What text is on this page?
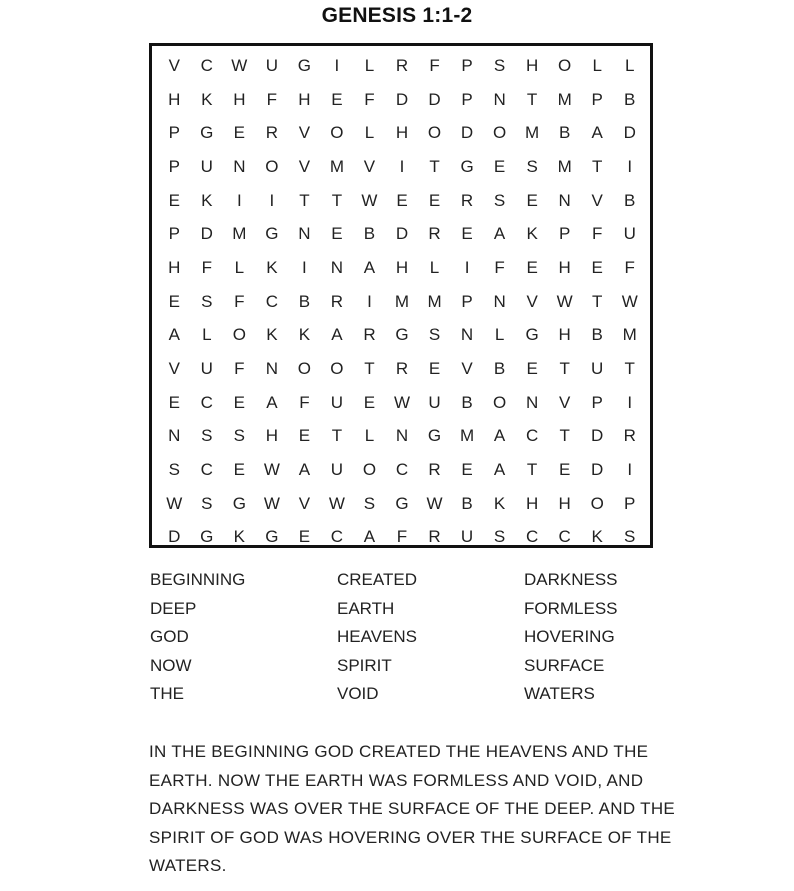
GENESIS 1:1-2
V	C	W	U	G	I	L	R	F	P	S	H	O	L	L
H	K	H	F	H	E	F	D	D	P	N	T	M	P	B
P	G	E	R	V	O	L	H	O	D	O	M	B	A	D
P	U	N	O	V	M	V	I	T	G	E	S	M	T	I
E	K	I	I	T	T	W	E	E	R	S	E	N	V	B
P	D	M	G	N	E	B	D	R	E	A	K	P	F	U
H	F	L	K	I	N	A	H	L	I	F	E	H	E	F
E	S	F	C	B	R	I	M	M	P	N	V	W	T	W
A	L	O	K	K	A	R	G	S	N	L	G	H	B	M
V	U	F	N	O	O	T	R	E	V	B	E	T	U	T
E	C	E	A	F	U	E	W	U	B	O	N	V	P	I
N	S	S	H	E	T	L	N	G	M	A	C	T	D	R
S	C	E	W	A	U	O	C	R	E	A	T	E	D	I
W	S	G	W	V	W	S	G	W	B	K	H	H	O	P
D	G	K	G	E	C	A	F	R	U	S	C	C	K	S
BEGINNING	CREATED	DARKNESS
DEEP	EARTH	FORMLESS
GOD	HEAVENS	HOVERING
NOW	SPIRIT	SURFACE
THE	VOID	WATERS
IN THE BEGINNING GOD CREATED THE HEAVENS AND THE
EARTH. NOW THE EARTH WAS FORMLESS AND VOID, AND
DARKNESS WAS OVER THE SURFACE OF THE DEEP. AND THE
SPIRIT OF GOD WAS HOVERING OVER THE SURFACE OF THE
WATERS.
